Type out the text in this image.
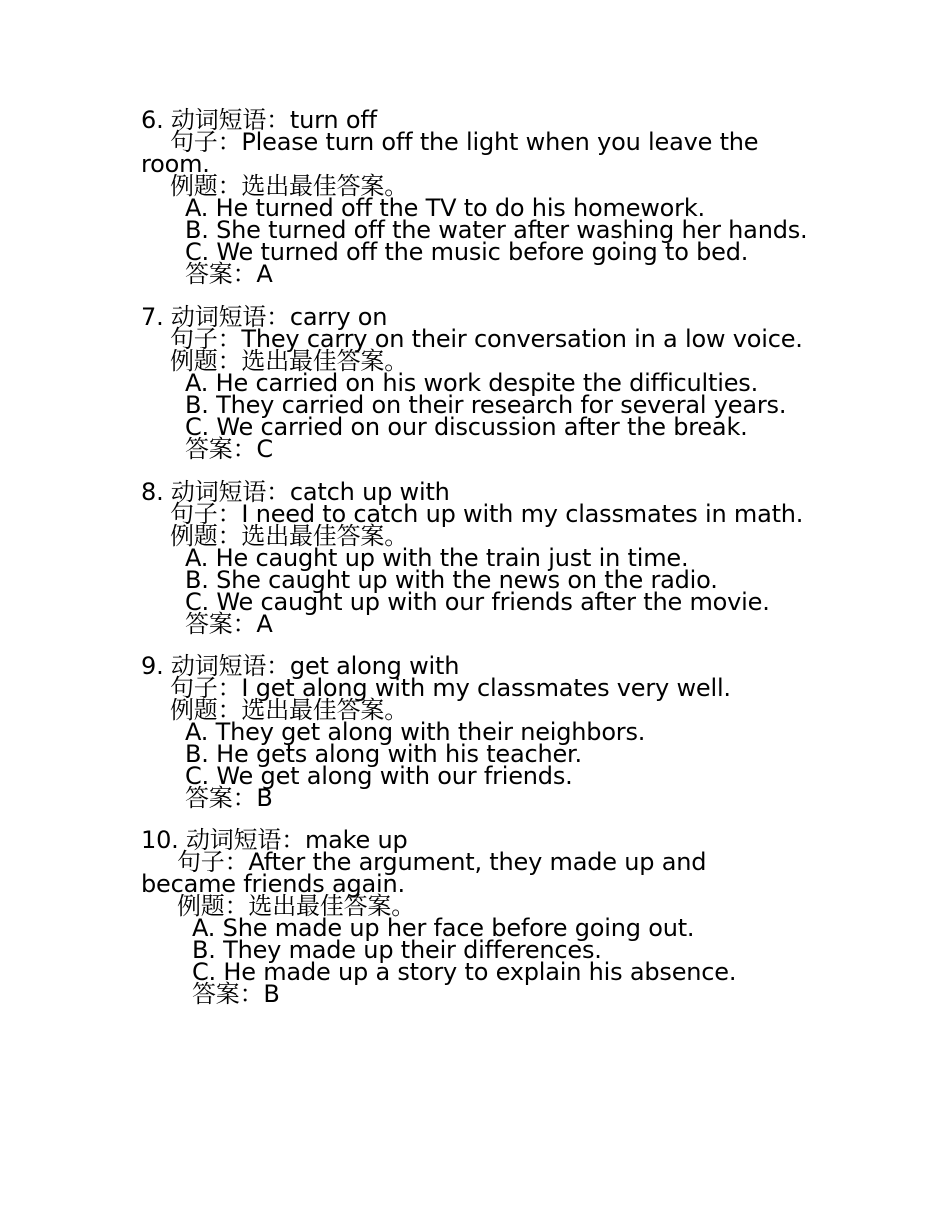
6. 动词短语：turn off
句子：Please turn off the light when you leave the
room.
例题：选出最佳答案。
A. He turned off the TV to do his homework.
B. She turned off the water after washing her hands.
C. We turned off the music before going to bed.
答案：A
7. 动词短语：carry on
句子：They carry on their conversation in a low voice.
例题：选出最佳答案。
A. He carried on his work despite the difficulties.
B. They carried on their research for several years.
C. We carried on our discussion after the break.
答案：C
8. 动词短语：catch up with
句子：I need to catch up with my classmates in math.
例题：选出最佳答案。
A. He caught up with the train just in time.
B. She caught up with the news on the radio.
C. We caught up with our friends after the movie.
答案：A
9. 动词短语：get along with
句子：I get along with my classmates very well.
例题：选出最佳答案。
A. They get along with their neighbors.
B. He gets along with his teacher.
C. We get along with our friends.
答案：B
10. 动词短语：make up
句子：After the argument, they made up and
became friends again.
例题：选出最佳答案。
A. She made up her face before going out.
B. They made up their differences.
C. He made up a story to explain his absence.
答案：B
